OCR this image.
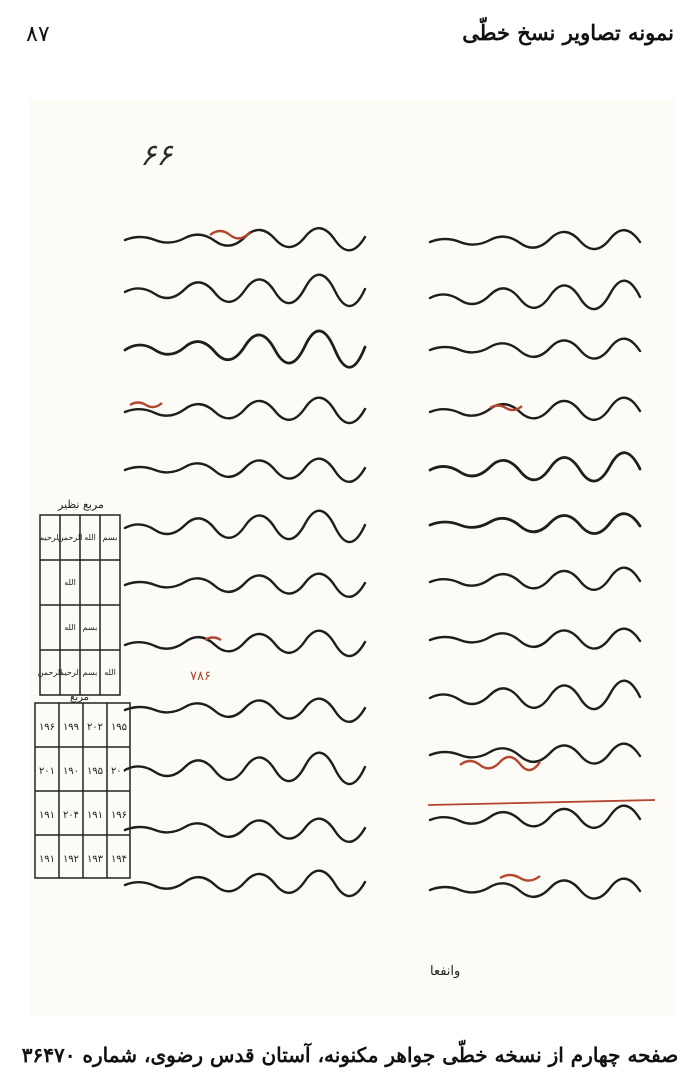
۸۷	نمونه تصاویر نسخ خطّی
۶۶
۷۸۶
مربع نظیر
بسم
الله
الرحمن
الرحیم
الله
بسم
الله
الله
بسم
الرحیم
الرحمن
مربع
۱۹۶ ۱۹۹ ۲۰۲ ۱۹۵
۲۰۱ ۱۹۰ ۱۹۵ ۲۰۰
۱۹۱ ۲۰۴ ۱۹۱ ۱۹۶
۱۹۱ ۱۹۲ ۱۹۳ ۱۹۴
وانفعا
صفحه چهارم از نسخه خطّی جواهر مکنونه، آستان قدس رضوی، شماره ۳۶۴۷۰
